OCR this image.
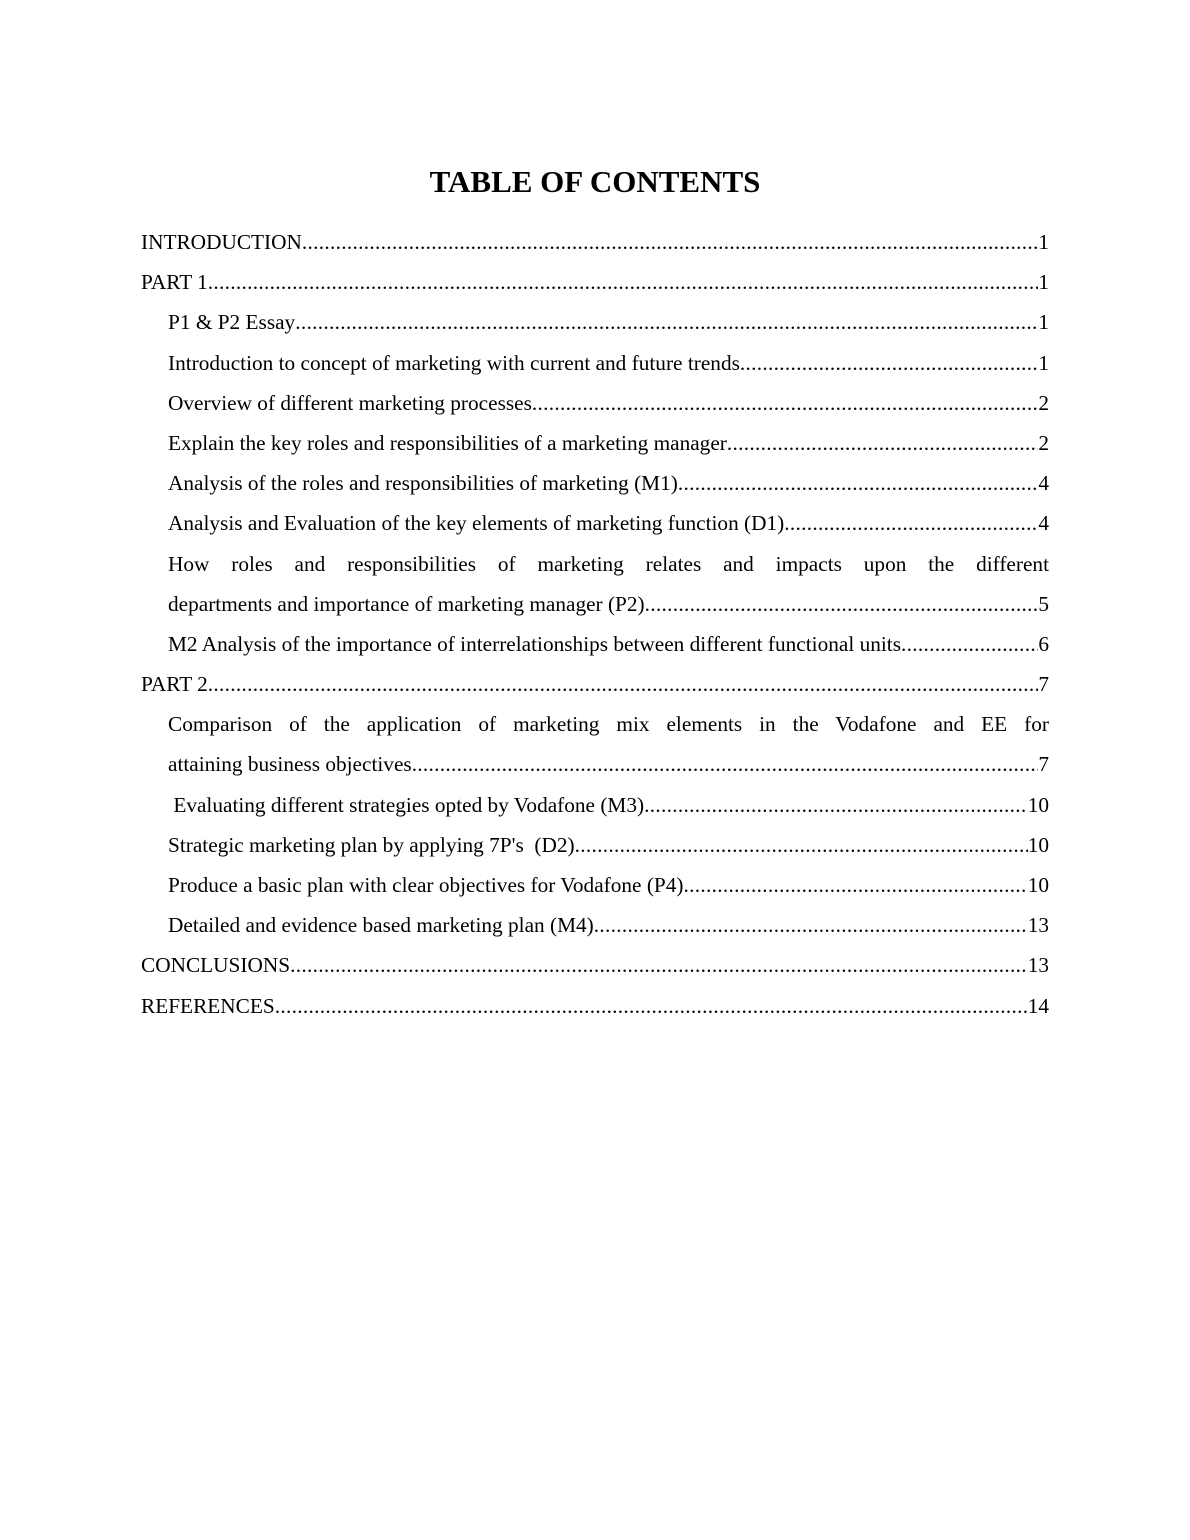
TABLE OF CONTENTS
INTRODUCTION .....	1
PART 1 .....	1
P1 & P2 Essay .....	1
Introduction to concept of marketing with current and future trends .....	1
Overview of different marketing processes .....	2
Explain the key roles and responsibilities of a marketing manager .....	2
Analysis of the roles and responsibilities of marketing (M1) .....	4
Analysis and Evaluation of the key elements of marketing function (D1) .....	4
How roles and responsibilities of marketing relates and impacts upon the different
departments and importance of marketing manager (P2) .....	5
M2 Analysis of the importance of interrelationships between different functional units .....	6
PART 2 .....	7
Comparison of the application of marketing mix elements in the Vodafone and EE for
attaining business objectives .....	7
Evaluating different strategies opted by Vodafone (M3) .....	10
Strategic marketing plan by applying 7P's  (D2) .....	10
Produce a basic plan with clear objectives for Vodafone (P4) .....	10
Detailed and evidence based marketing plan (M4) .....	13
CONCLUSIONS .....	13
REFERENCES .....	14
